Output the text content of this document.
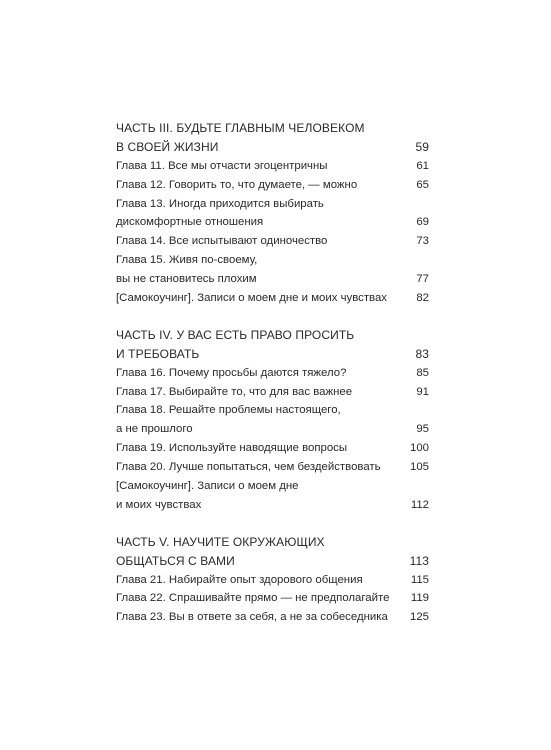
ЧАСТЬ III. БУДЬТЕ ГЛАВНЫМ ЧЕЛОВЕКОМ
В СВОЕЙ ЖИЗНИ	59
Глава 11. Все мы отчасти эгоцентричны	61
Глава 12. Говорить то, что думаете, — можно	65
Глава 13. Иногда приходится выбирать
дискомфортные отношения	69
Глава 14. Все испытывают одиночество	73
Глава 15. Живя по-своему,
вы не становитесь плохим	77
[Самокоучинг]. Записи о моем дне и моих чувствах	82
ЧАСТЬ IV. У ВАС ЕСТЬ ПРАВО ПРОСИТЬ
И ТРЕБОВАТЬ	83
Глава 16. Почему просьбы даются тяжело?	85
Глава 17. Выбирайте то, что для вас важнее	91
Глава 18. Решайте проблемы настоящего,
а не прошлого	95
Глава 19. Используйте наводящие вопросы	100
Глава 20. Лучше попытаться, чем бездействовать	105
[Самокоучинг]. Записи о моем дне
и моих чувствах	112
ЧАСТЬ V. НАУЧИТЕ ОКРУЖАЮЩИХ
ОБЩАТЬСЯ С ВАМИ	113
Глава 21. Набирайте опыт здорового общения	115
Глава 22. Спрашивайте прямо — не предполагайте	119
Глава 23. Вы в ответе за себя, а не за собеседника	125
